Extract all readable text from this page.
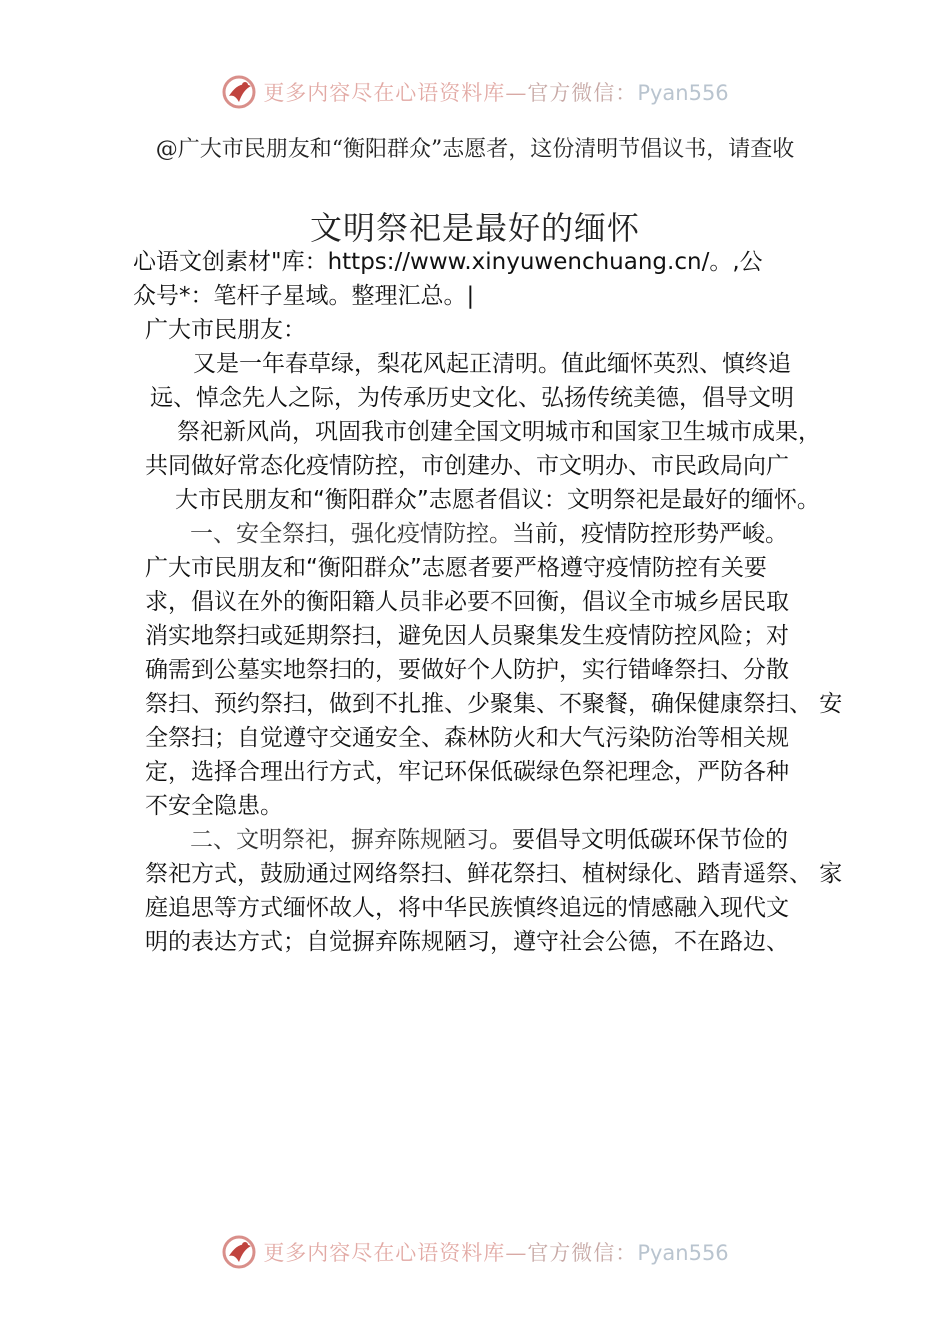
更多内容尽在心语资料库—官方微信：Pyan556
@广大市民朋友和“衡阳群众”志愿者，这份清明节倡议书，请查收
文明祭祀是最好的缅怀
心语文创素材"库：https://www.xinyuwenchuang.cn/。,公
众号*：笔杆子星域。整理汇总。|
广大市民朋友：
又是一年春草绿，梨花风起正清明。值此缅怀英烈、慎终追
远、悼念先人之际，为传承历史文化、弘扬传统美德，倡导文明
祭祀新风尚，巩固我市创建全国文明城市和国家卫生城市成果，
共同做好常态化疫情防控，市创建办、市文明办、市民政局向广
大市民朋友和“衡阳群众”志愿者倡议：文明祭祀是最好的缅怀。
一、安全祭扫，强化疫情防控。当前，疫情防控形势严峻。
广大市民朋友和“衡阳群众”志愿者要严格遵守疫情防控有关要
求，倡议在外的衡阳籍人员非必要不回衡，倡议全市城乡居民取
消实地祭扫或延期祭扫，避免因人员聚集发生疫情防控风险；对
确需到公墓实地祭扫的，要做好个人防护，实行错峰祭扫、分散
祭扫、预约祭扫，做到不扎推、少聚集、不聚餐，确保健康祭扫、 安
全祭扫；自觉遵守交通安全、森林防火和大气污染防治等相关规
定，选择合理出行方式，牢记环保低碳绿色祭祀理念，严防各种
不安全隐患。
二、文明祭祀，摒弃陈规陋习。要倡导文明低碳环保节俭的
祭祀方式，鼓励通过网络祭扫、鲜花祭扫、植树绿化、踏青遥祭、 家
庭追思等方式缅怀故人，将中华民族慎终追远的情感融入现代文
明的表达方式；自觉摒弃陈规陋习，遵守社会公德，不在路边、
更多内容尽在心语资料库—官方微信：Pyan556
